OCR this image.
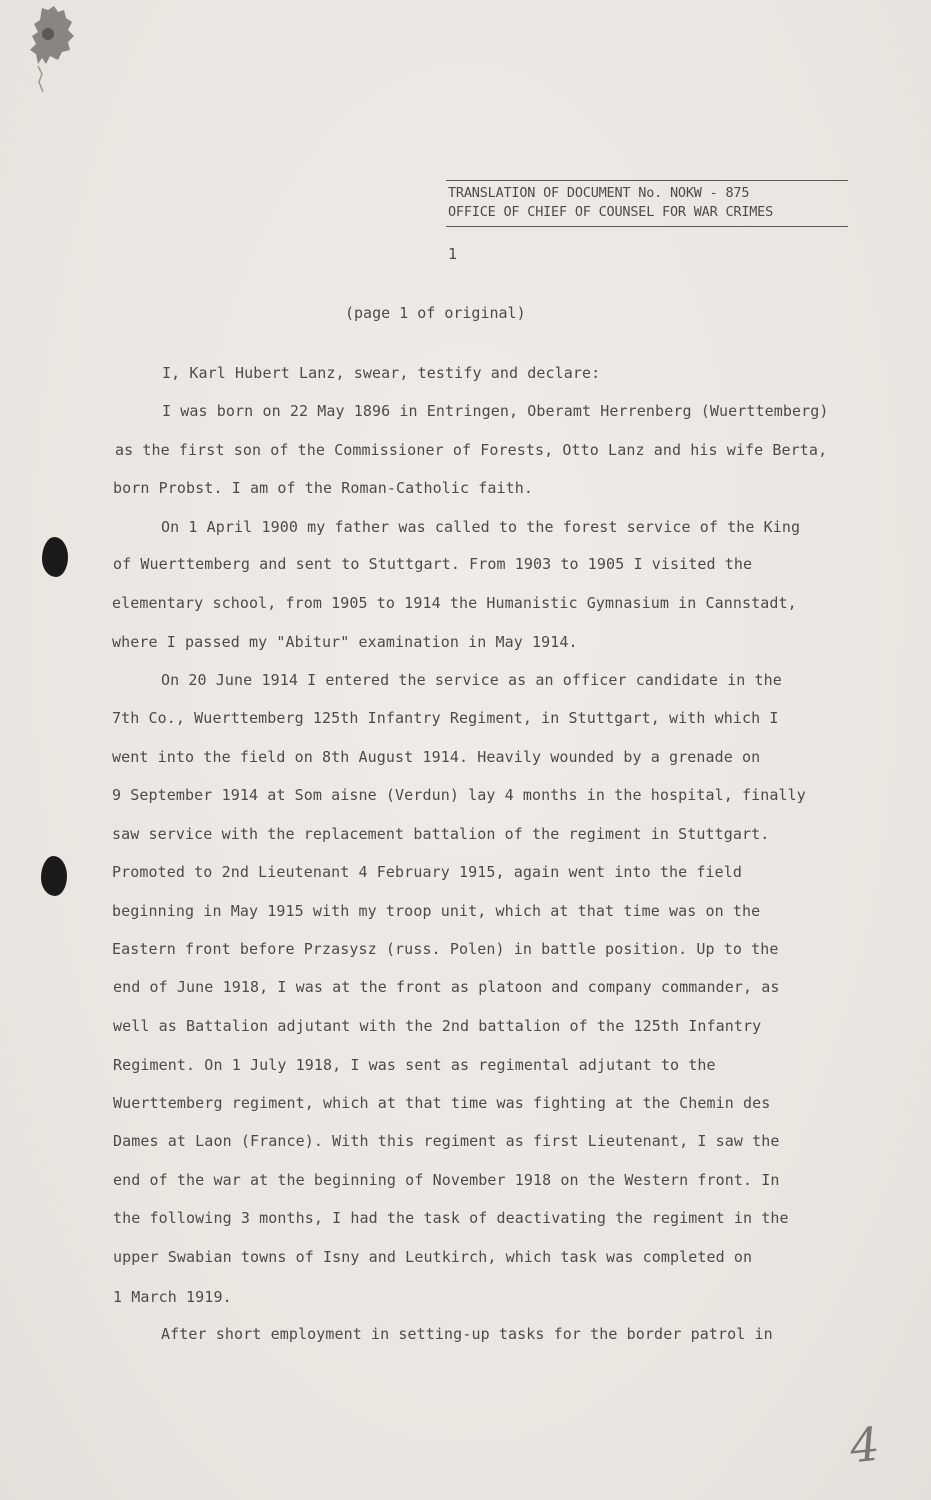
TRANSLATION OF DOCUMENT No. NOKW - 875
OFFICE OF CHIEF OF COUNSEL FOR WAR CRIMES
1
(page 1 of original)
I, Karl Hubert Lanz, swear, testify and declare:
I was born on 22 May 1896 in Entringen, Oberamt Herrenberg (Wuerttemberg)
as the first son of the Commissioner of Forests, Otto Lanz and his wife Berta,
born Probst. I am of the Roman-Catholic faith.
On 1 April 1900 my father was called to the forest service of the King
of Wuerttemberg and sent to Stuttgart. From 1903 to 1905 I visited the
elementary school, from 1905 to 1914 the Humanistic Gymnasium in Cannstadt,
where I passed my "Abitur" examination in May 1914.
On 20 June 1914 I entered the service as an officer candidate in the
7th Co., Wuerttemberg 125th Infantry Regiment, in Stuttgart, with which I
went into the field on 8th August 1914. Heavily wounded by a grenade on
9 September 1914 at Som aisne (Verdun) lay 4 months in the hospital, finally
saw service with the replacement battalion of the regiment in Stuttgart.
Promoted to 2nd Lieutenant 4 February 1915, again went into the field
beginning in May 1915 with my troop unit, which at that time was on the
Eastern front before Przasysz (russ. Polen) in battle position. Up to the
end of June 1918, I was at the front as platoon and company commander, as
well as Battalion adjutant with the 2nd battalion of the 125th Infantry
Regiment. On 1 July 1918, I was sent as regimental adjutant to the
Wuerttemberg regiment, which at that time was fighting at the Chemin des
Dames at Laon (France). With this regiment as first Lieutenant, I saw the
end of the war at the beginning of November 1918 on the Western front. In
the following 3 months, I had the task of deactivating the regiment in the
upper Swabian towns of Isny and Leutkirch, which task was completed on
1 March 1919.
After short employment in setting-up tasks for the border patrol in
4
